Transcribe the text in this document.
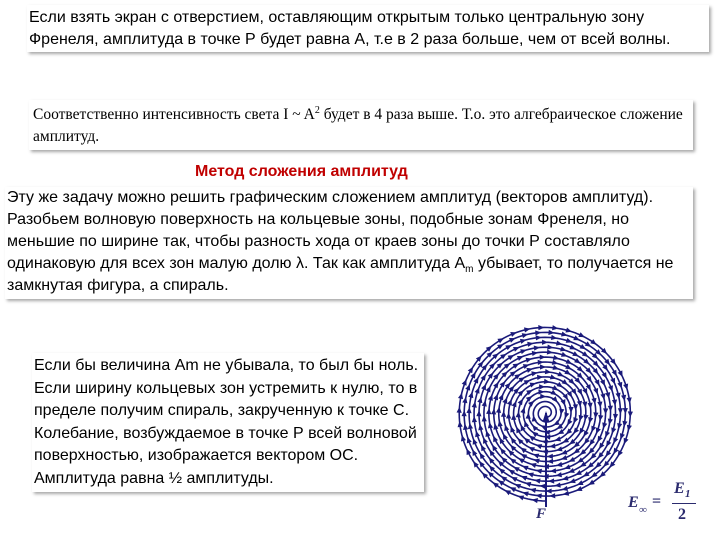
Если взять экран с отверстием, оставляющим открытым только центральную зону Френеля, амплитуда в точке Р будет равна А, т.е в 2 раза больше, чем от всей волны.
Соответственно интенсивность света I ~ $A^2$ будет в 4 раза выше. Т.о. это алгебраическое сложение амплитуд.
Метод сложения амплитуд
Эту же задачу можно решить графическим сложением амплитуд (векторов амплитуд). Разобьем волновую поверхность на кольцевые зоны, подобные зонам Френеля, но меньшие по ширине так, чтобы разность хода от краев зоны до точки Р составляло одинаковую для всех зон малую долю λ. Так как амплитуда $A_m$ убывает, то получается не замкнутая фигура, а спираль.
Если бы величина Am не убывала, то был бы ноль. Если ширину кольцевых зон устремить к нулю, то в пределе получим спираль, закрученную к точке С. Колебание, возбуждаемое в точке Р всей волновой поверхностью, изображается вектором ОС. Амплитуда равна ½ амплитуды.
F
E ∞ =
E 1
2
